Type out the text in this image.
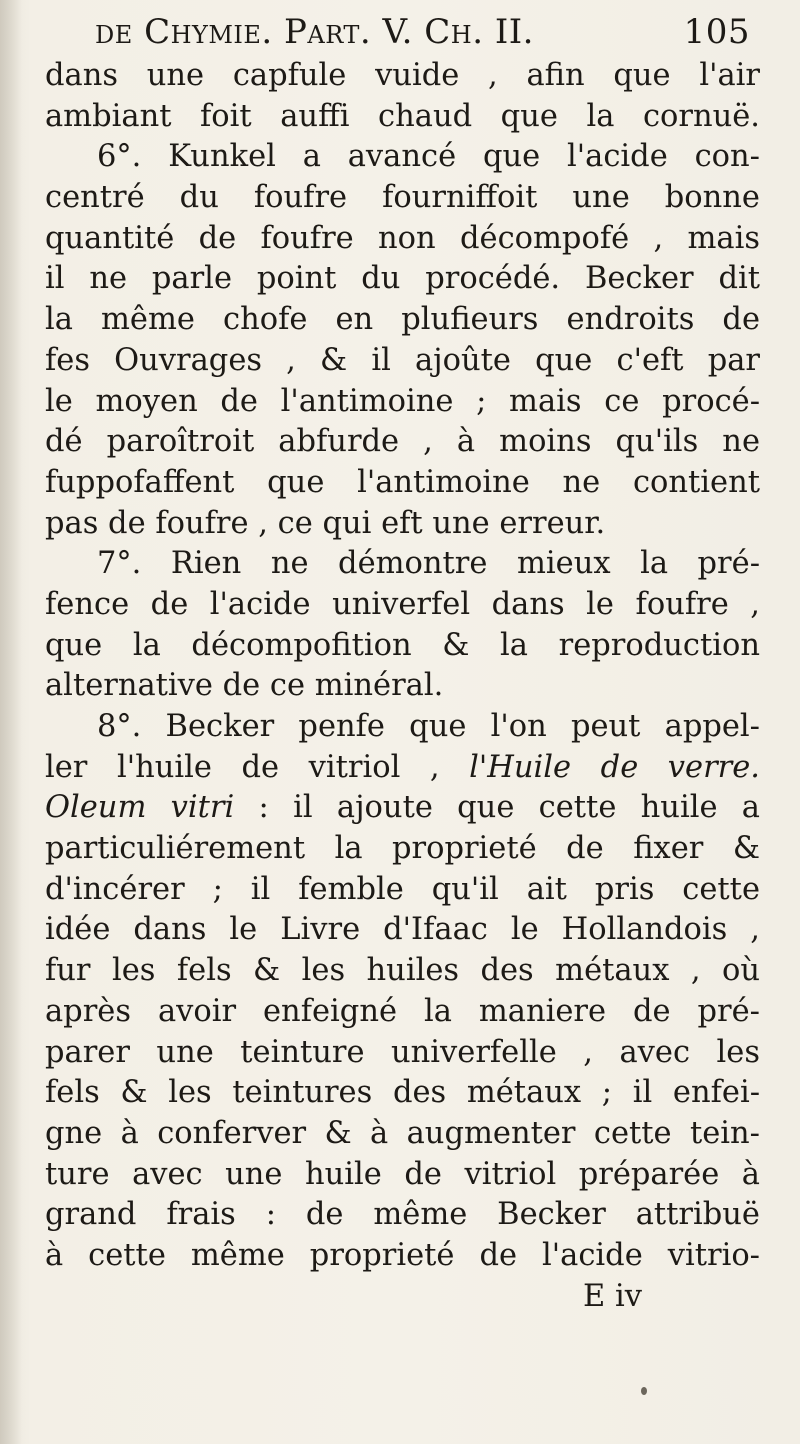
de Chymie. Part. V. Ch. II.	105
dans une capfule vuide , afin que l'air
ambiant foit auffi chaud que la cornuë.
6°. Kunkel a avancé que l'acide con-
centré du foufre fourniffoit une bonne
quantité de foufre non décompofé , mais
il ne parle point du procédé. Becker dit
la même chofe en plufieurs endroits de
fes Ouvrages , & il ajoûte que c'eft par
le moyen de l'antimoine ; mais ce procé-
dé paroîtroit abfurde , à moins qu'ils ne
fuppofaffent que l'antimoine ne contient
pas de foufre , ce qui eft une erreur.
7°. Rien ne démontre mieux la pré-
fence de l'acide univerfel dans le foufre ,
que la décompofition & la reproduction
alternative de ce minéral.
8°. Becker penfe que l'on peut appel-
ler l'huile de vitriol , l'Huile de verre.
Oleum vitri : il ajoute que cette huile a
particuliérement la proprieté de fixer &
d'incérer ; il femble qu'il ait pris cette
idée dans le Livre d'Ifaac le Hollandois ,
fur les fels & les huiles des métaux , où
après avoir enfeigné la maniere de pré-
parer une teinture univerfelle , avec les
fels & les teintures des métaux ; il enfei-
gne à conferver & à augmenter cette tein-
ture avec une huile de vitriol préparée à
grand frais : de même Becker attribuë
à cette même proprieté de l'acide vitrio-
E iv
